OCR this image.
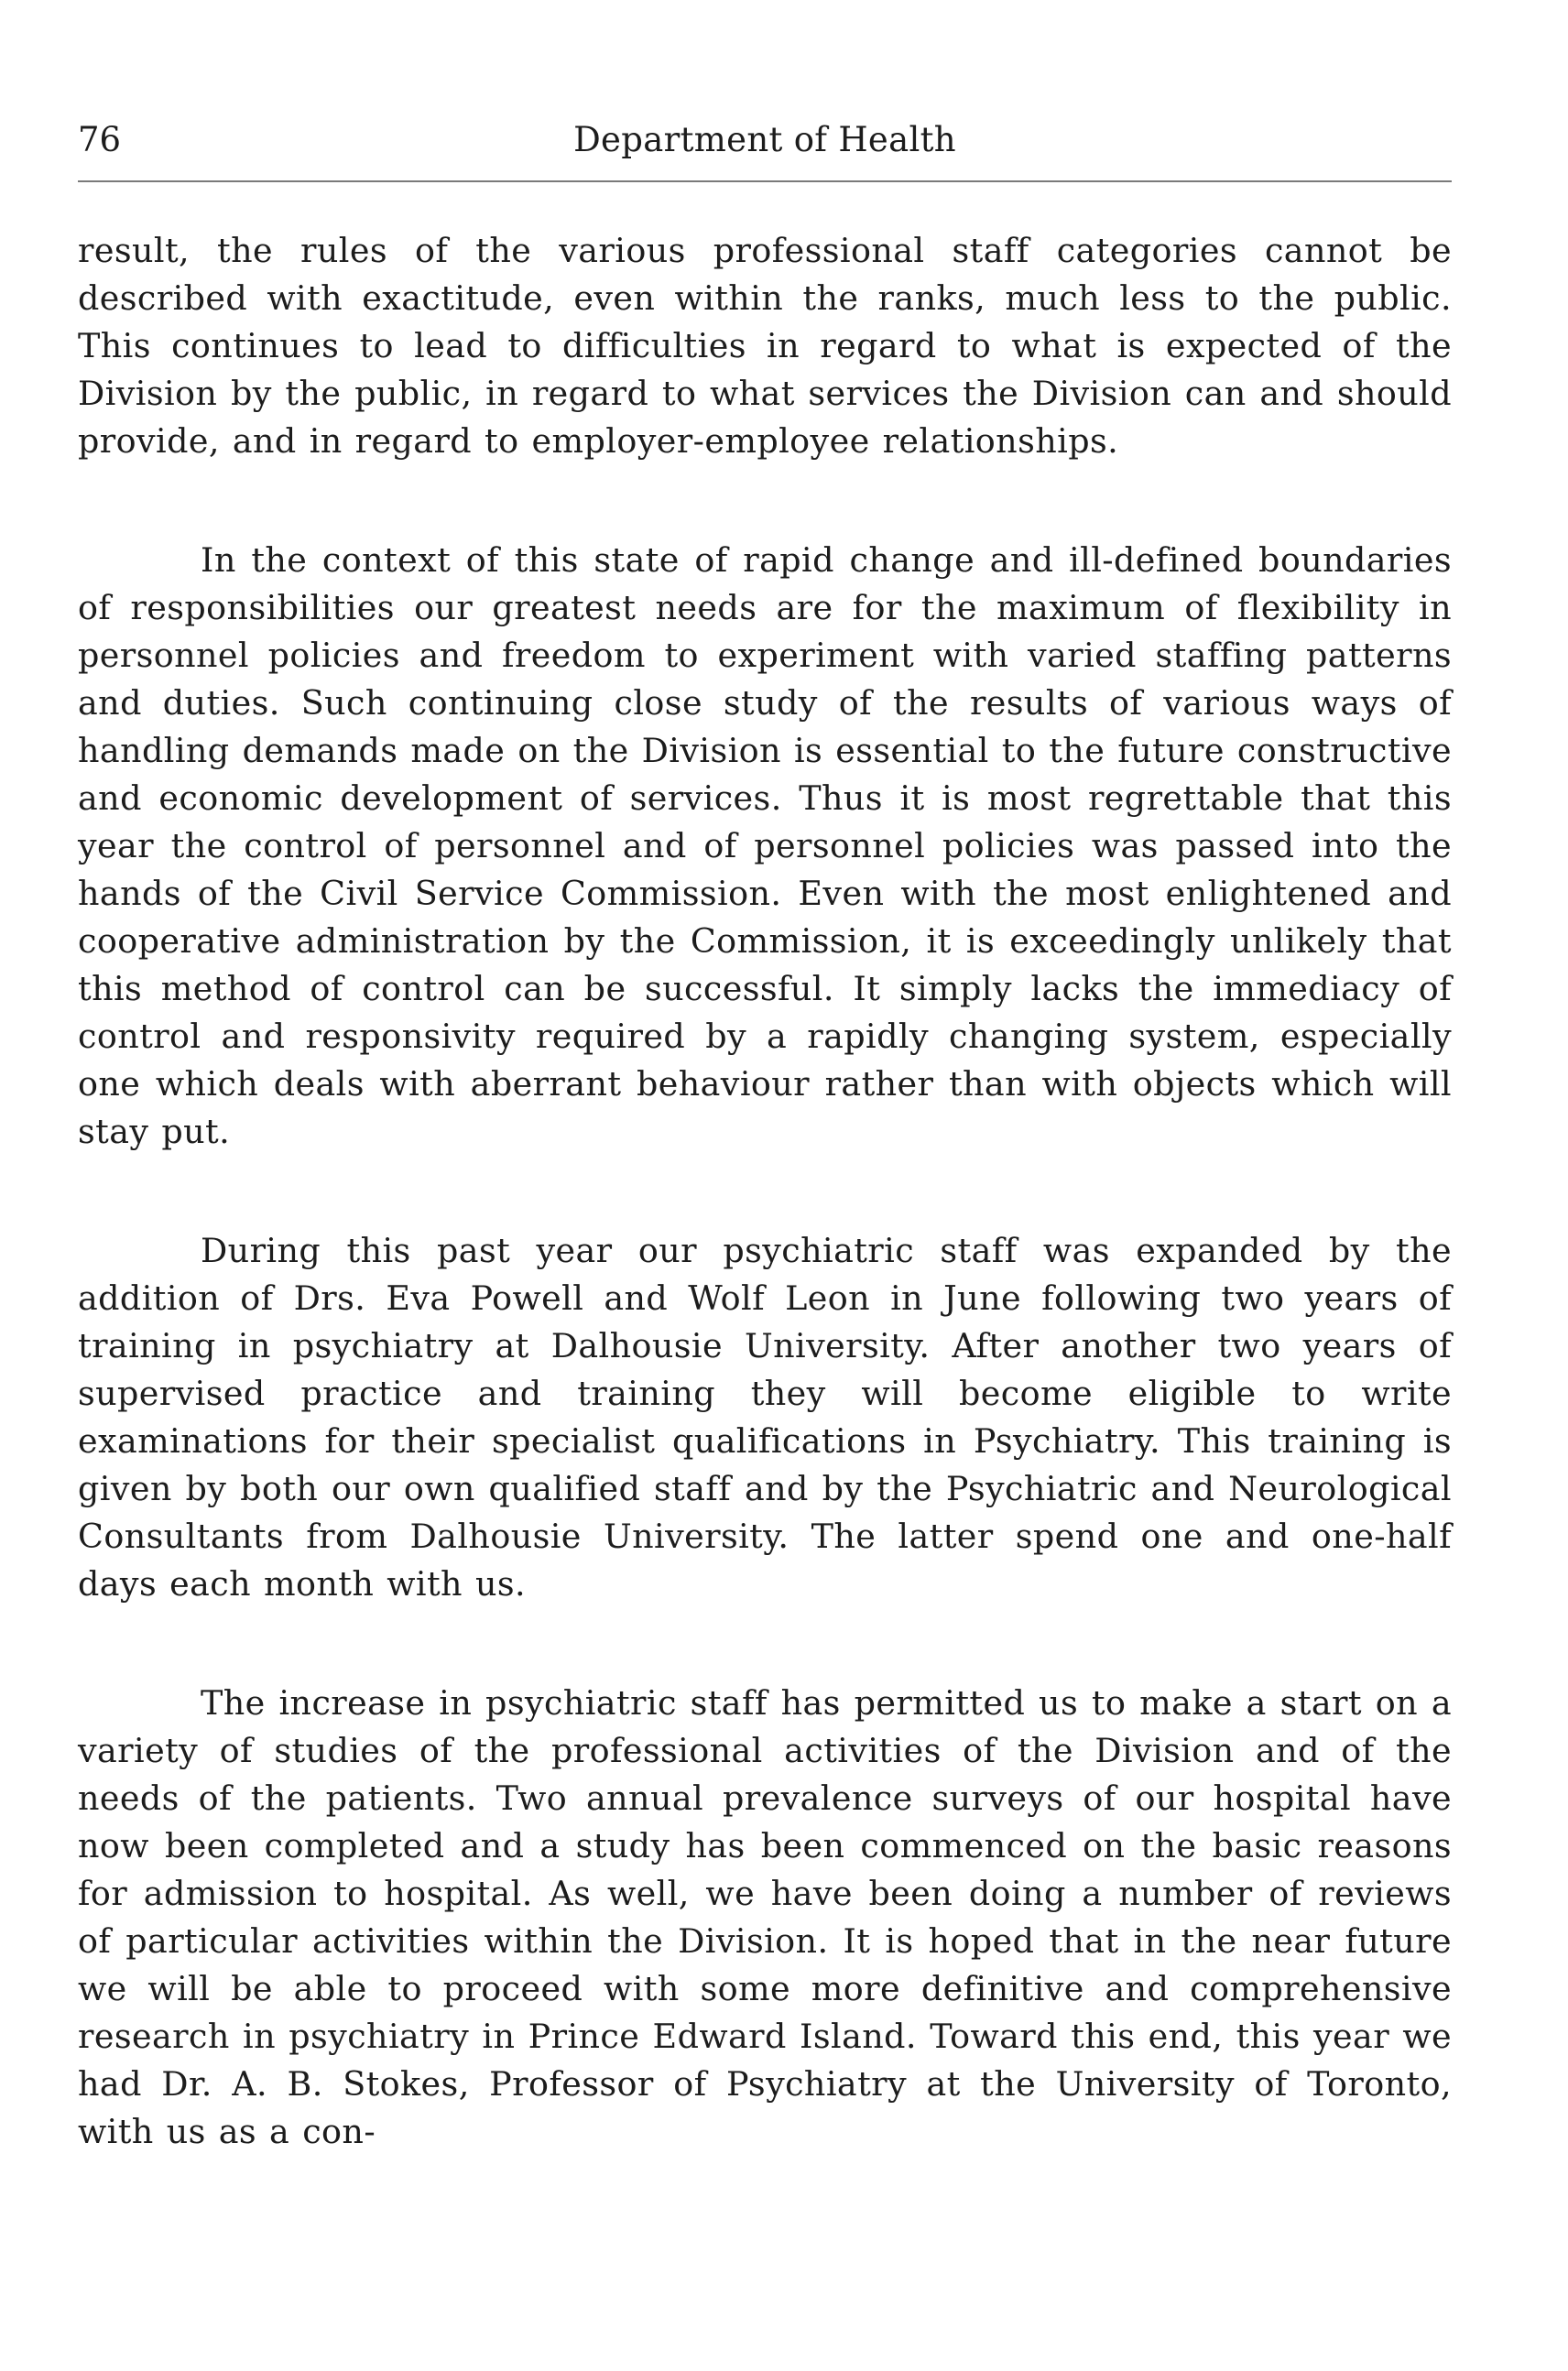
76	Department of Health

result, the rules of the various professional staff categories cannot be described with exactitude, even within the ranks, much less to the public. This continues to lead to difficulties in regard to what is expected of the Division by the public, in regard to what services the Division can and should provide, and in regard to employer-employee relationships.

In the context of this state of rapid change and ill-defined boundaries of responsibilities our greatest needs are for the maximum of flexibility in personnel policies and freedom to experiment with varied staffing patterns and duties. Such continuing close study of the results of various ways of handling demands made on the Division is essential to the future constructive and economic development of services. Thus it is most regrettable that this year the control of personnel and of personnel policies was passed into the hands of the Civil Service Commission. Even with the most enlightened and cooperative administration by the Commission, it is exceedingly unlikely that this method of control can be successful. It simply lacks the immediacy of control and responsivity required by a rapidly changing system, especially one which deals with aberrant behaviour rather than with objects which will stay put.

During this past year our psychiatric staff was expanded by the addition of Drs. Eva Powell and Wolf Leon in June following two years of training in psychiatry at Dalhousie University. After another two years of supervised practice and training they will become eligible to write examinations for their specialist qualifications in Psychiatry. This training is given by both our own qualified staff and by the Psychiatric and Neurological Consultants from Dalhousie University. The latter spend one and one-half days each month with us.

The increase in psychiatric staff has permitted us to make a start on a variety of studies of the professional activities of the Division and of the needs of the patients. Two annual prevalence surveys of our hospital have now been completed and a study has been commenced on the basic reasons for admission to hospital. As well, we have been doing a number of reviews of particular activities within the Division. It is hoped that in the near future we will be able to proceed with some more definitive and comprehensive research in psychiatry in Prince Edward Island. Toward this end, this year we had Dr. A. B. Stokes, Professor of Psychiatry at the University of Toronto, with us as a con-
